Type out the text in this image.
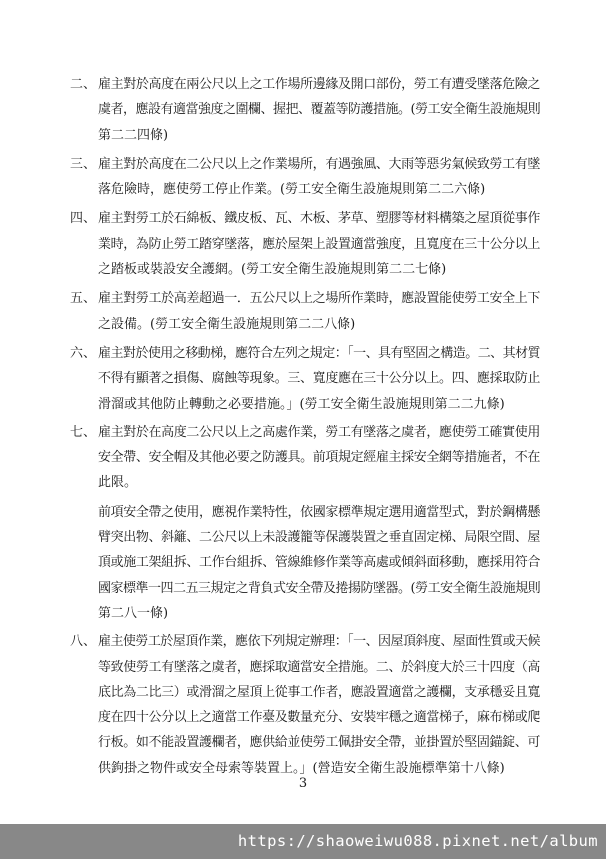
二、 雇主對於高度在兩公尺以上之工作場所邊緣及開口部份，勞工有遭受墜落危險之
虞者，應設有適當強度之圍欄、握把、覆蓋等防護措施。(勞工安全衛生設施規則
第二二四條)

三、 雇主對於高度在二公尺以上之作業場所，有遇強風、大雨等惡劣氣候致勞工有墜
落危險時，應使勞工停止作業。(勞工安全衛生設施規則第二二六條)

四、 雇主對勞工於石綿板、鐵皮板、瓦、木板、茅草、塑膠等材料構築之屋頂從事作
業時，為防止勞工踏穿墜落，應於屋架上設置適當強度，且寬度在三十公分以上
之踏板或裝設安全護網。(勞工安全衛生設施規則第二二七條)

五、 雇主對勞工於高差超過一．五公尺以上之場所作業時，應設置能使勞工安全上下
之設備。(勞工安全衛生設施規則第二二八條)

六、 雇主對於使用之移動梯，應符合左列之規定：「一、具有堅固之構造。二、其材質
不得有顯著之損傷、腐蝕等現象。三、寬度應在三十公分以上。四、應採取防止
滑溜或其他防止轉動之必要措施。」(勞工安全衛生設施規則第二二九條)

七、 雇主對於在高度二公尺以上之高處作業，勞工有墜落之虞者，應使勞工確實使用
安全帶、安全帽及其他必要之防護具。前項規定經雇主採安全網等措施者，不在
此限。

前項安全帶之使用，應視作業特性，依國家標準規定選用適當型式，對於鋼構懸
臂突出物、斜籬、二公尺以上未設護籠等保護裝置之垂直固定梯、局限空間、屋
頂或施工架組拆、工作台組拆、管線維修作業等高處或傾斜面移動，應採用符合
國家標準一四二五三規定之背負式安全帶及捲揚防墜器。(勞工安全衛生設施規則
第二八一條)

八、 雇主使勞工於屋頂作業，應依下列規定辦理：「一、因屋頂斜度、屋面性質或天候
等致使勞工有墜落之虞者，應採取適當安全措施。二、於斜度大於三十四度（高
底比為二比三）或滑溜之屋頂上從事工作者，應設置適當之護欄，支承穩妥且寬
度在四十公分以上之適當工作臺及數量充分、安裝牢穩之適當梯子，麻布梯或爬
行板。如不能設置護欄者，應供給並使勞工佩掛安全帶，並掛置於堅固錨錠、可
供鉤掛之物件或安全母索等裝置上。」(營造安全衛生設施標準第十八條)

3
https://shaoweiwu088.pixnet.net/album
